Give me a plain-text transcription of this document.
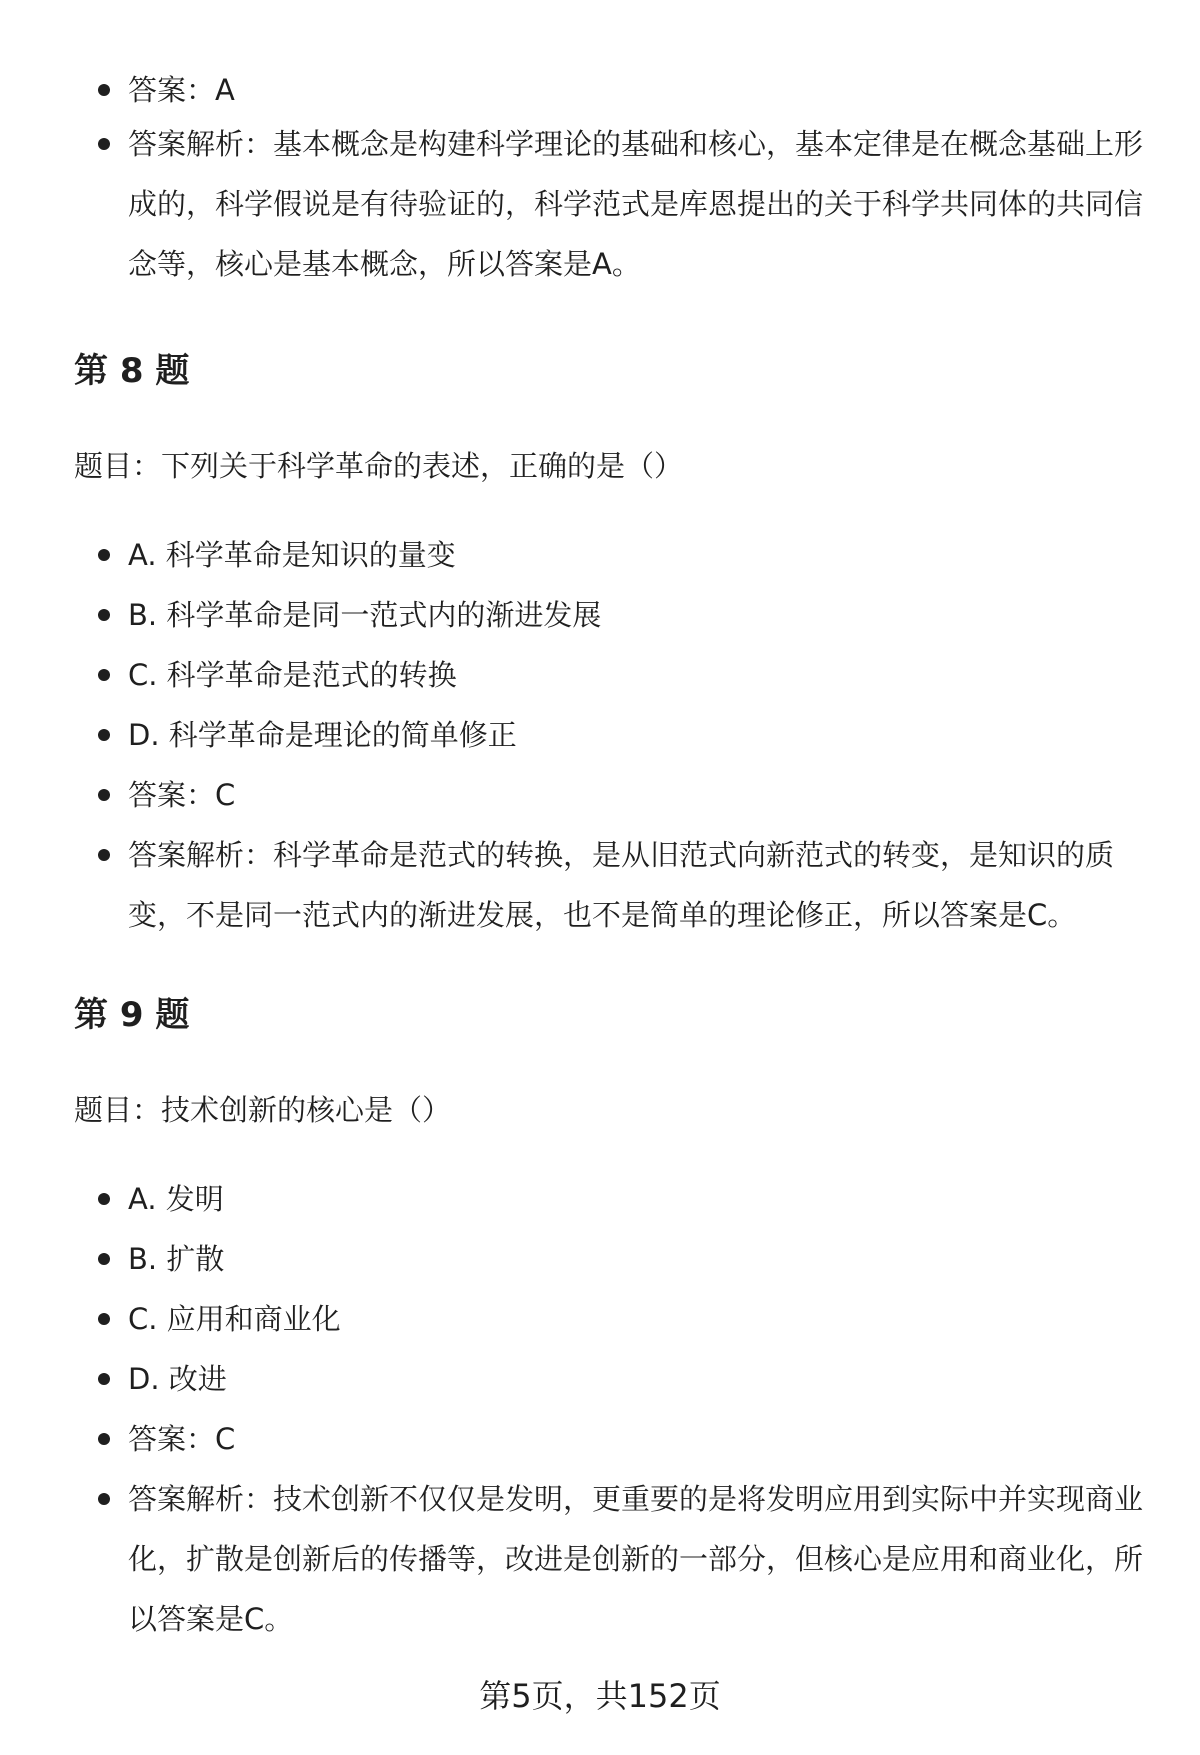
答案：A
答案解析：基本概念是构建科学理论的基础和核心，基本定律是在概念基础上形成的，科学假说是有待验证的，科学范式是库恩提出的关于科学共同体的共同信念等，核心是基本概念，所以答案是A。
第 8 题
题目：下列关于科学革命的表述，正确的是（）
A. 科学革命是知识的量变
B. 科学革命是同一范式内的渐进发展
C. 科学革命是范式的转换
D. 科学革命是理论的简单修正
答案：C
答案解析：科学革命是范式的转换，是从旧范式向新范式的转变，是知识的质变，不是同一范式内的渐进发展，也不是简单的理论修正，所以答案是C。
第 9 题
题目：技术创新的核心是（）
A. 发明
B. 扩散
C. 应用和商业化
D. 改进
答案：C
答案解析：技术创新不仅仅是发明，更重要的是将发明应用到实际中并实现商业化，扩散是创新后的传播等，改进是创新的一部分，但核心是应用和商业化，所以答案是C。
第5页，共152页
